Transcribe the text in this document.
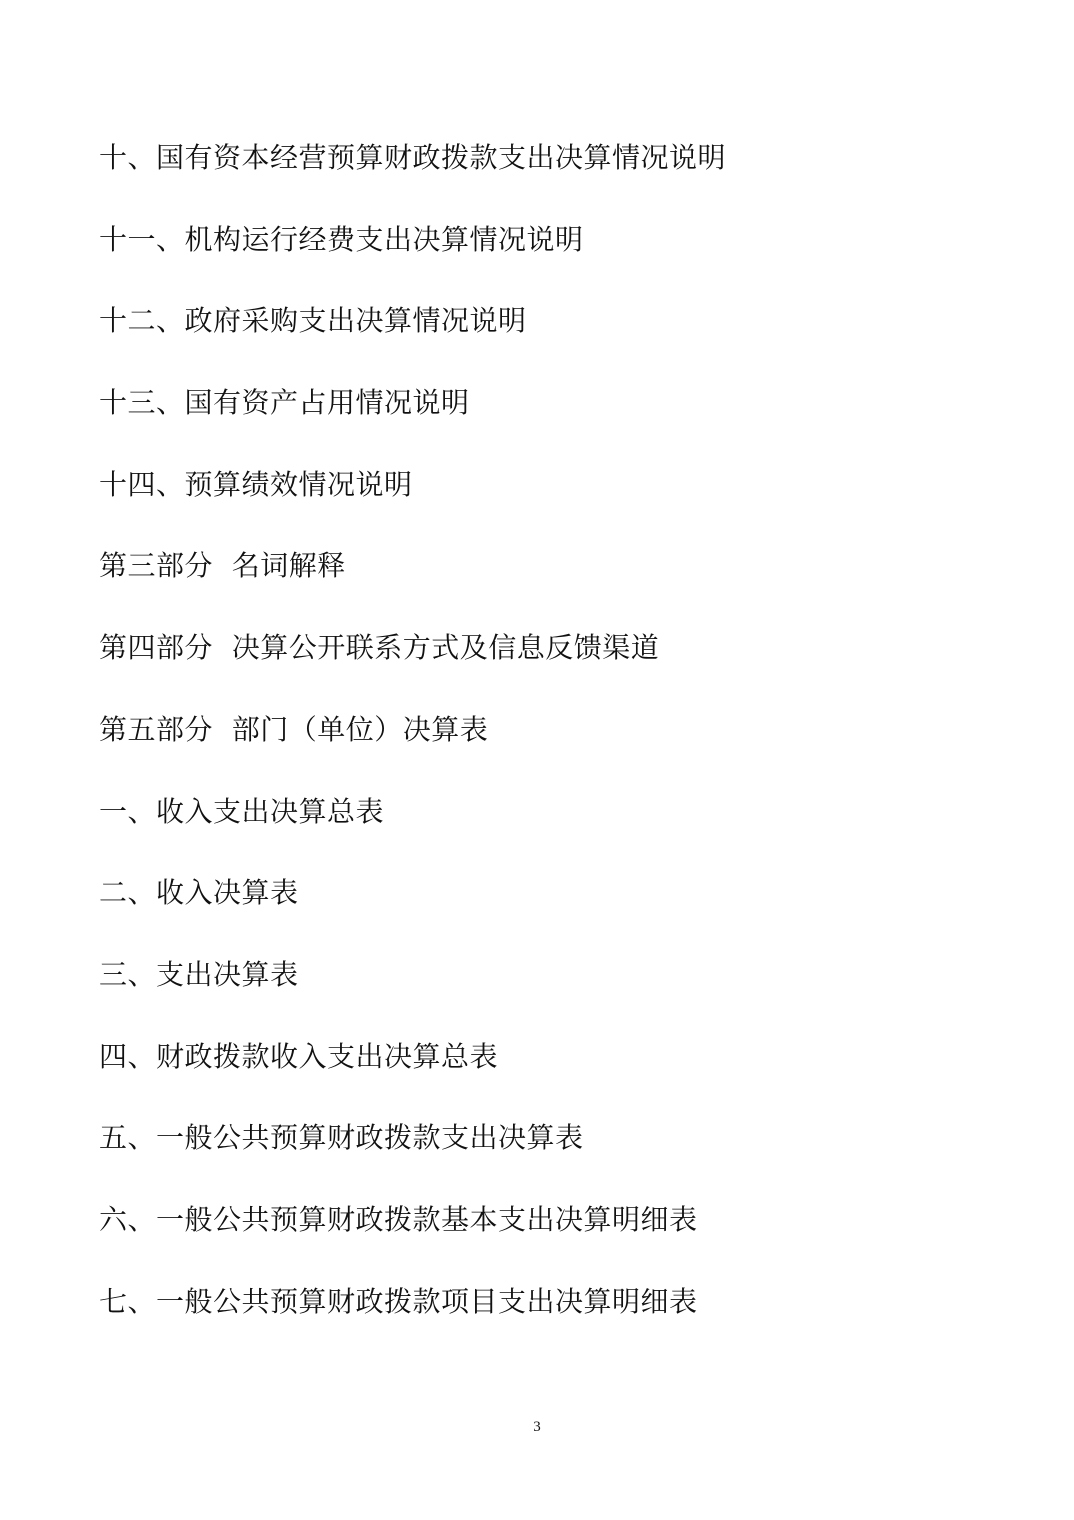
十、国有资本经营预算财政拨款支出决算情况说明
十一、机构运行经费支出决算情况说明
十二、政府采购支出决算情况说明
十三、国有资产占用情况说明
十四、预算绩效情况说明
第三部分  名词解释
第四部分  决算公开联系方式及信息反馈渠道
第五部分  部门（单位）决算表
一、收入支出决算总表
二、收入决算表
三、支出决算表
四、财政拨款收入支出决算总表
五、一般公共预算财政拨款支出决算表
六、一般公共预算财政拨款基本支出决算明细表
七、一般公共预算财政拨款项目支出决算明细表
3
